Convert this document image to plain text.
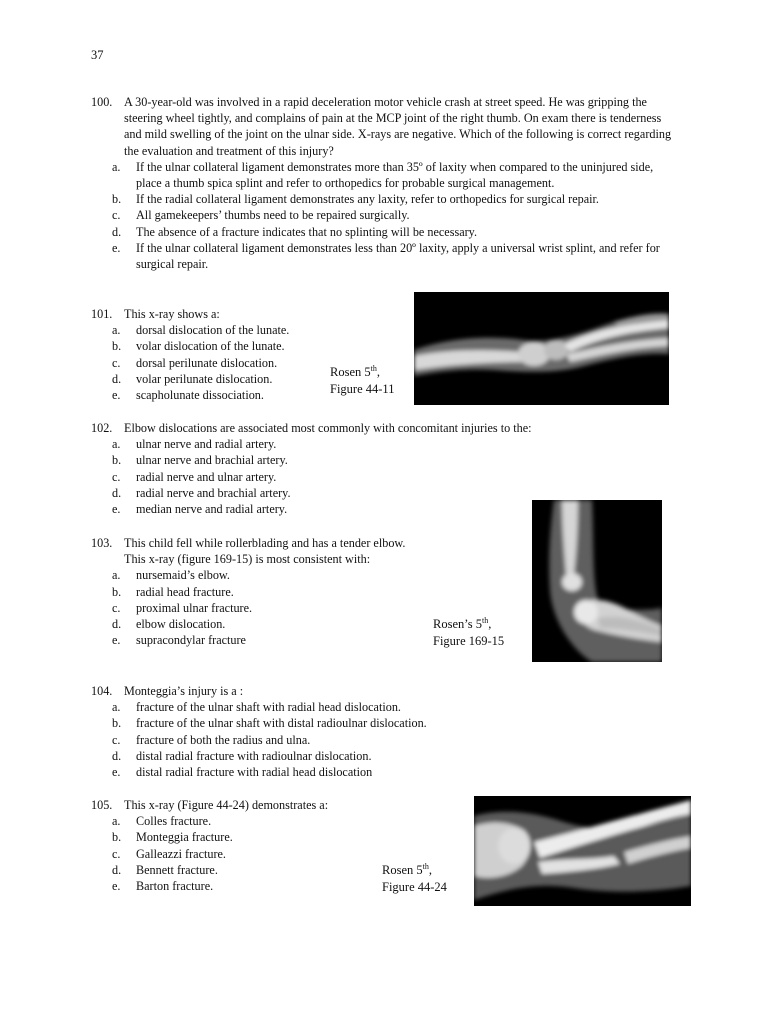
37
100. A 30-year-old was involved in a rapid deceleration motor vehicle crash at street speed. He was gripping the steering wheel tightly, and complains of pain at the MCP joint of the right thumb. On exam there is tenderness and mild swelling of the joint on the ulnar side. X-rays are negative. Which of the following is correct regarding the evaluation and treatment of this injury?
a. If the ulnar collateral ligament demonstrates more than 35º of laxity when compared to the uninjured side, place a thumb spica splint and refer to orthopedics for probable surgical management.
b. If the radial collateral ligament demonstrates any laxity, refer to orthopedics for surgical repair.
c. All gamekeepers’ thumbs need to be repaired surgically.
d. The absence of a fracture indicates that no splinting will be necessary.
e. If the ulnar collateral ligament demonstrates less than 20º laxity, apply a universal wrist splint, and refer for surgical repair.
101. This x-ray shows a:
a. dorsal dislocation of the lunate.
b. volar dislocation of the lunate.
c. dorsal perilunate dislocation.
d. volar perilunate dislocation.
e. scapholunate dissociation.
Rosen 5th,
Figure 44-11
102. Elbow dislocations are associated most commonly with concomitant injuries to the:
a. ulnar nerve and radial artery.
b. ulnar nerve and brachial artery.
c. radial nerve and ulnar artery.
d. radial nerve and brachial artery.
e. median nerve and radial artery.
103. This child fell while rollerblading and has a tender elbow. This x-ray (figure 169-15) is most consistent with:
a. nursemaid’s elbow.
b. radial head fracture.
c. proximal ulnar fracture.
d. elbow dislocation.
e. supracondylar fracture
Rosen’s 5th,
Figure 169-15
104. Monteggia’s injury is a :
a. fracture of the ulnar shaft with radial head dislocation.
b. fracture of the ulnar shaft with distal radioulnar dislocation.
c. fracture of both the radius and ulna.
d. distal radial fracture with radioulnar dislocation.
e. distal radial fracture with radial head dislocation
105. This x-ray (Figure 44-24) demonstrates a:
a. Colles fracture.
b. Monteggia fracture.
c. Galleazzi fracture.
d. Bennett fracture.
e. Barton fracture.
Rosen 5th,
Figure 44-24
